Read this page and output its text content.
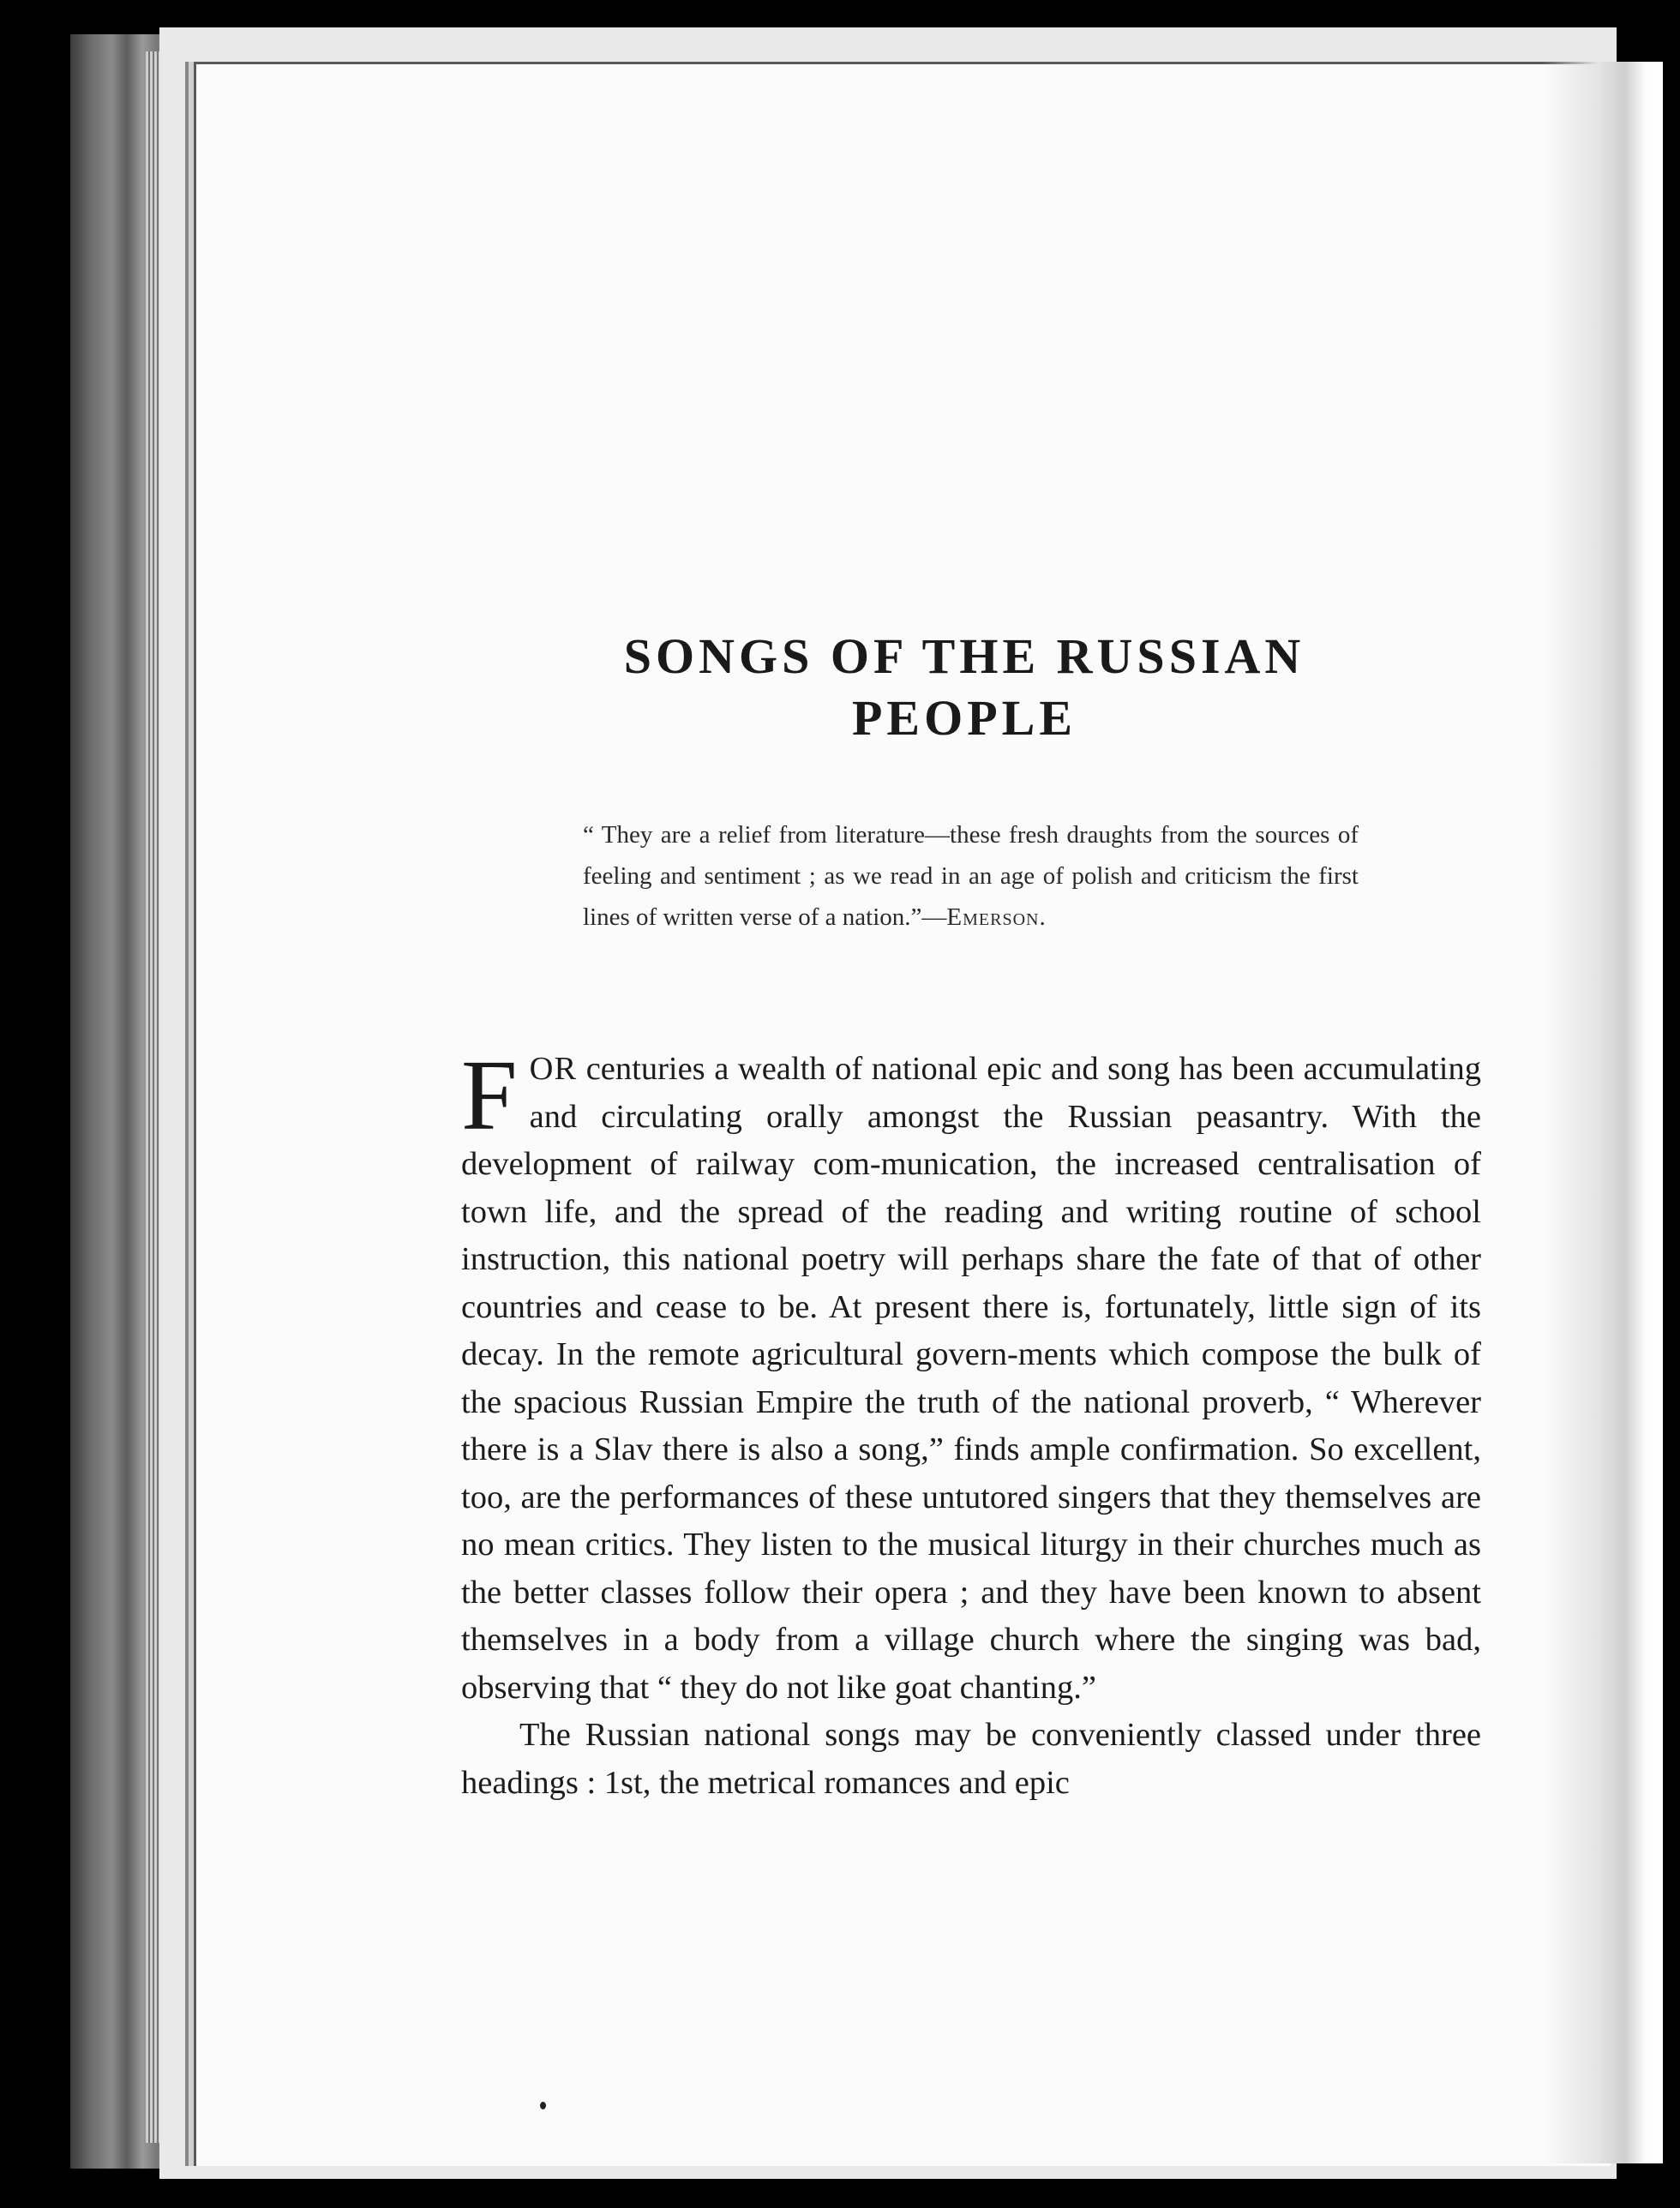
SONGS OF THE RUSSIAN PEOPLE

“ They are a relief from literature—these fresh draughts from the sources of feeling and sentiment ; as we read in an age of polish and criticism the first lines of written verse of a nation.”—Emerson.

FOR centuries a wealth of national epic and song has been accumulating and circulating orally amongst the Russian peasantry. With the development of railway com-munication, the increased centralisation of town life, and the spread of the reading and writing routine of school instruction, this national poetry will perhaps share the fate of that of other countries and cease to be. At present there is, fortunately, little sign of its decay. In the remote agricultural govern-ments which compose the bulk of the spacious Russian Empire the truth of the national proverb, “ Wherever there is a Slav there is also a song,” finds ample confirmation. So excellent, too, are the performances of these untutored singers that they themselves are no mean critics. They listen to the musical liturgy in their churches much as the better classes follow their opera ; and they have been known to absent themselves in a body from a village church where the singing was bad, observing that “ they do not like goat chanting.”

The Russian national songs may be conveniently classed under three headings : 1st, the metrical romances and epic
